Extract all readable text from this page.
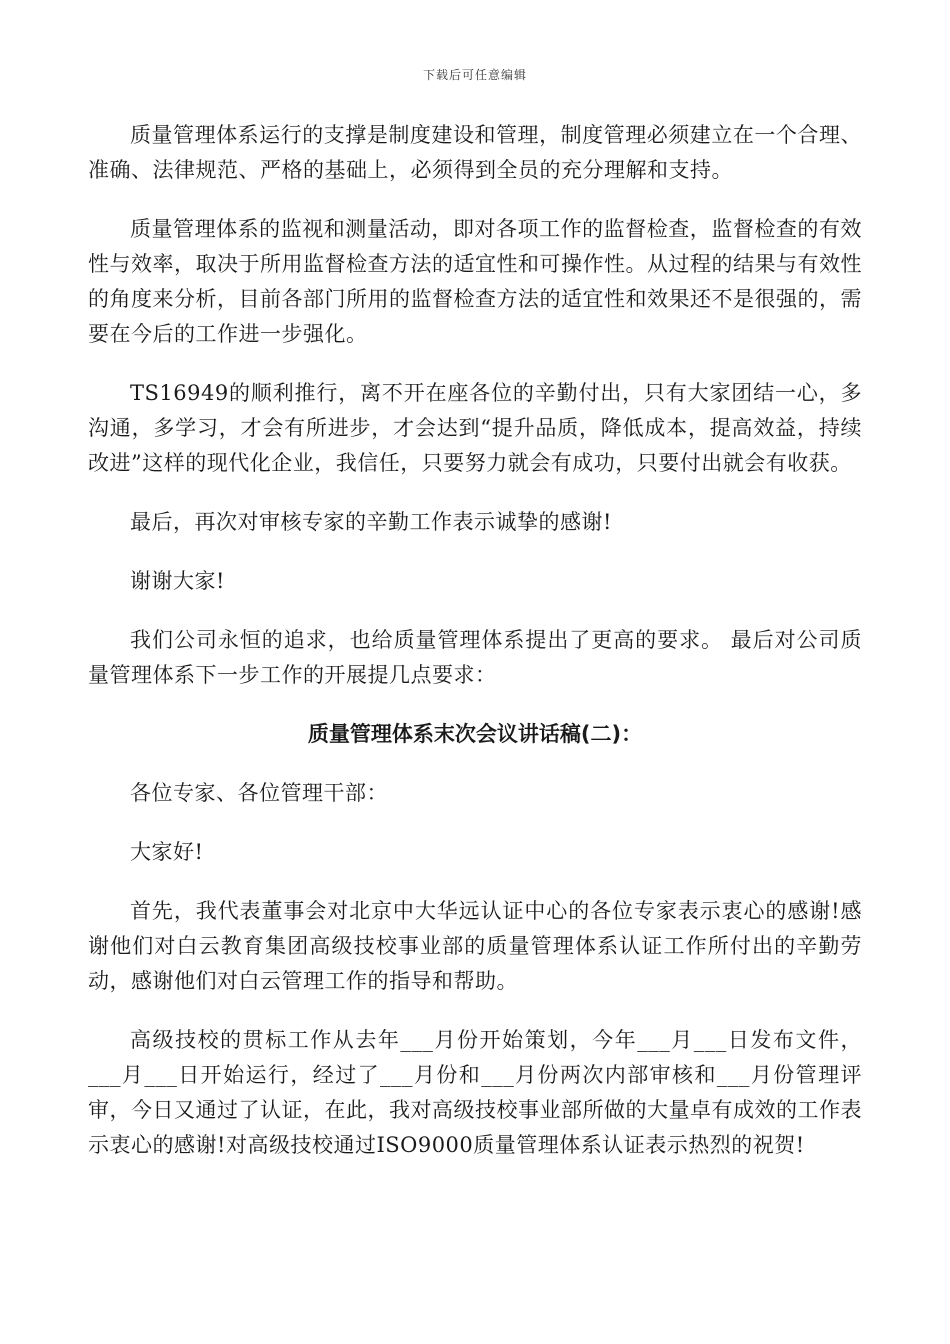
下载后可任意编辑

质量管理体系运行的支撑是制度建设和管理，制度管理必须建立在一个合理、准确、法律规范、严格的基础上，必须得到全员的充分理解和支持。

质量管理体系的监视和测量活动，即对各项工作的监督检查，监督检查的有效性与效率，取决于所用监督检查方法的适宜性和可操作性。从过程的结果与有效性的角度来分析，目前各部门所用的监督检查方法的适宜性和效果还不是很强的，需要在今后的工作进一步强化。

TS16949的顺利推行，离不开在座各位的辛勤付出，只有大家团结一心，多沟通，多学习，才会有所进步，才会达到“提升品质，降低成本，提高效益，持续改进”这样的现代化企业，我信任，只要努力就会有成功，只要付出就会有收获。

最后，再次对审核专家的辛勤工作表示诚挚的感谢!

谢谢大家!

我们公司永恒的追求，也给质量管理体系提出了更高的要求。 最后对公司质量管理体系下一步工作的开展提几点要求：

质量管理体系末次会议讲话稿(二)：

各位专家、各位管理干部：

大家好!

首先，我代表董事会对北京中大华远认证中心的各位专家表示衷心的感谢!感谢他们对白云教育集团高级技校事业部的质量管理体系认证工作所付出的辛勤劳动，感谢他们对白云管理工作的指导和帮助。

高级技校的贯标工作从去年___月份开始策划，今年___月___日发布文件，___月___日开始运行，经过了___月份和___月份两次内部审核和___月份管理评审，今日又通过了认证，在此，我对高级技校事业部所做的大量卓有成效的工作表示衷心的感谢!对高级技校通过ISO9000质量管理体系认证表示热烈的祝贺!
